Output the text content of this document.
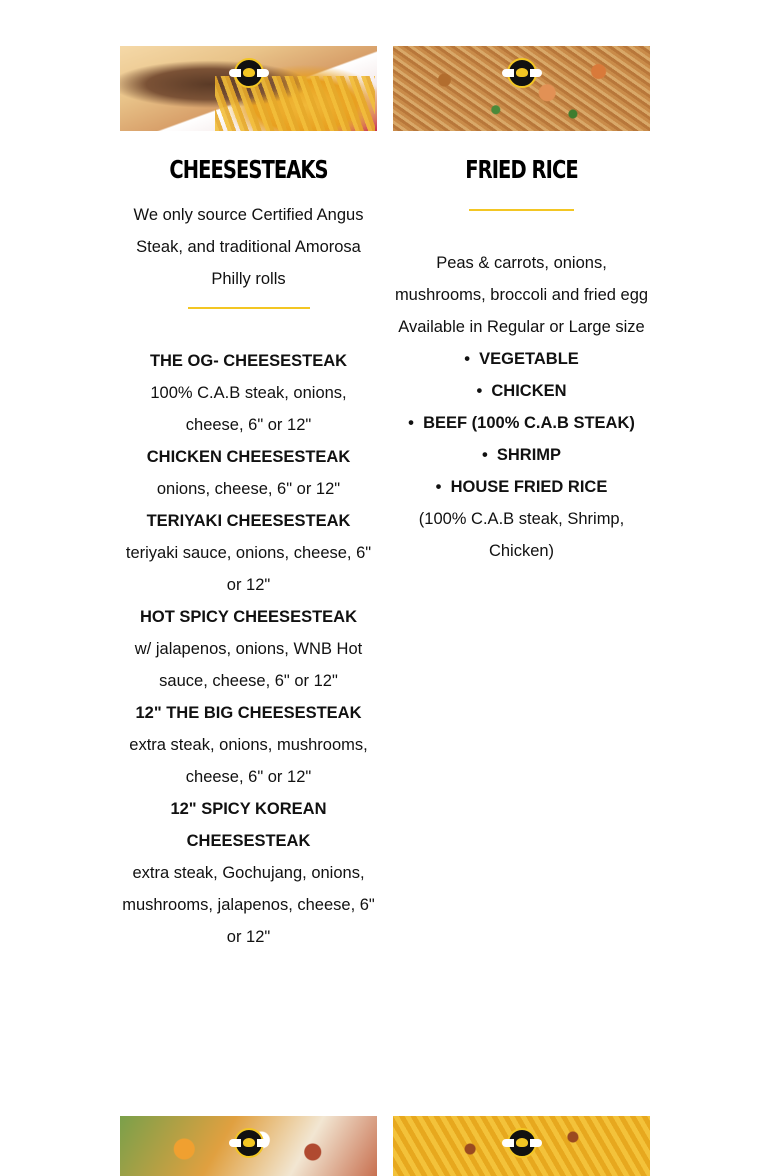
CHEESESTEAKS
We only source Certified Angus Steak, and traditional Amorosa Philly rolls
THE OG- CHEESESTEAK
100% C.A.B steak, onions, cheese, 6" or 12"
CHICKEN CHEESESTEAK
onions, cheese, 6" or 12"
TERIYAKI CHEESESTEAK
teriyaki sauce, onions, cheese, 6" or 12"
HOT SPICY CHEESESTEAK
w/ jalapenos, onions, WNB Hot sauce, cheese, 6" or 12"
12" THE BIG CHEESESTEAK
extra steak, onions, mushrooms, cheese, 6" or 12"
12" SPICY KOREAN CHEESESTEAK
extra steak, Gochujang, onions, mushrooms, jalapenos, cheese, 6" or 12"
FRIED RICE
Peas & carrots, onions, mushrooms, broccoli and fried egg
Available in Regular or Large size
• VEGETABLE
• CHICKEN
• BEEF (100% C.A.B STEAK)
• SHRIMP
• HOUSE FRIED RICE
(100% C.A.B steak, Shrimp, Chicken)
